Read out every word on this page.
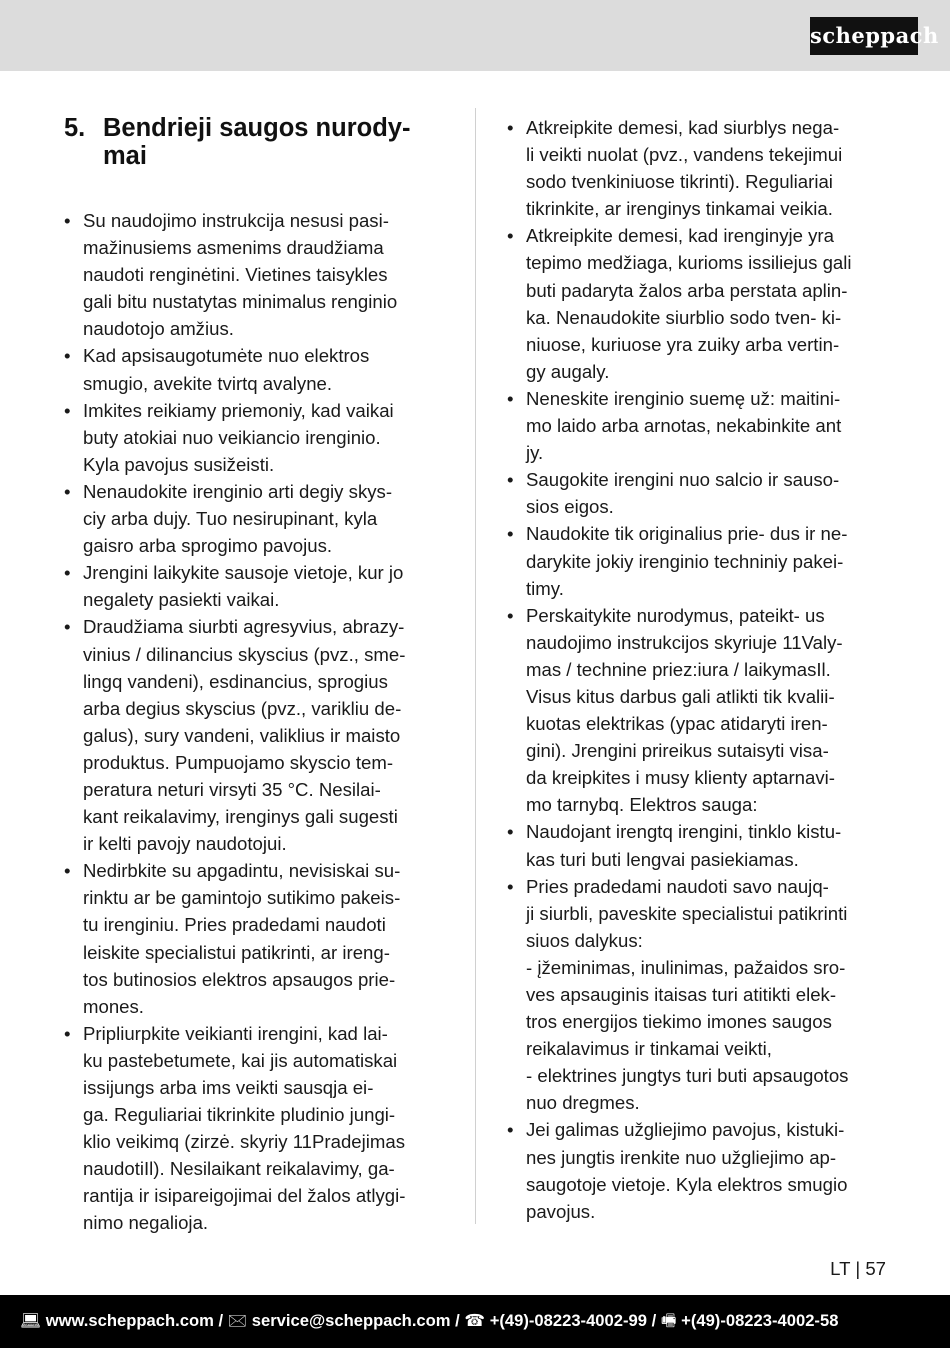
scheppach
5. Bendrieji saugos nurody-
mai
• Su naudojimo instrukcija nesusi pasi-
mažinusiems asmenims draudžiama
naudoti renginėtini. Vietines taisykles
gali bitu nustatytas minimalus renginio
naudotojo amžius.
• Kad apsisaugotumėte nuo elektros
smugio, avekite tvirtq avalyne.
• Imkites reikiamy priemoniy, kad vaikai
buty atokiai nuo veikiancio irenginio.
Kyla pavojus susižeisti.
• Nenaudokite irenginio arti degiy skys-
ciy arba dujy. Tuo nesirupinant, kyla
gaisro arba sprogimo pavojus.
• Jrengini laikykite sausoje vietoje, kur jo
negalety pasiekti vaikai.
• Draudžiama siurbti agresyvius, abrazy-
vinius / dilinancius skyscius (pvz., sme-
lingq vandeni), esdinancius, sprogius
arba degius skyscius (pvz., varikliu de-
galus), sury vandeni, valiklius ir maisto
produktus. Pumpuojamo skyscio tem-
peratura neturi virsyti 35 °C. Nesilai-
kant reikalavimy, irenginys gali sugesti
ir kelti pavojy naudotojui.
• Nedirbkite su apgadintu, nevisiskai su-
rinktu ar be gamintojo sutikimo pakeis-
tu irenginiu. Pries pradedami naudoti
leiskite specialistui patikrinti, ar ireng-
tos butinosios elektros apsaugos prie-
mones.
• Pripliurpkite veikianti irengini, kad lai-
ku pastebetumete, kai jis automatiskai
issijungs arba ims veikti sausqja ei-
ga. Reguliariai tikrinkite pludinio jungi-
klio veikimq (zirzė. skyriy 11Pradejimas
naudotiIl). Nesilaikant reikalavimy, ga-
rantija ir isipareigojimai del žalos atlygi-
nimo negalioja.
• Atkreipkite demesi, kad siurblys nega-
li veikti nuolat (pvz., vandens tekejimui
sodo tvenkiniuose tikrinti). Reguliariai
tikrinkite, ar irenginys tinkamai veikia.
• Atkreipkite demesi, kad irenginyje yra
tepimo medžiaga, kurioms issiliejus gali
buti padaryta žalos arba perstata aplin-
ka. Nenaudokite siurblio sodo tven- ki-
niuose, kuriuose yra zuiky arba vertin-
gy augaly.
• Neneskite irenginio suemę už: maitini-
mo laido arba arnotas, nekabinkite ant
jy.
• Saugokite irengini nuo salcio ir sauso-
sios eigos.
• Naudokite tik originalius prie- dus ir ne-
darykite jokiy irenginio techniniy pakei-
timy.
• Perskaitykite nurodymus, pateikt- us
naudojimo instrukcijos skyriuje 11Valy-
mas / technine priez:iura / laikymasIl.
Visus kitus darbus gali atlikti tik kvalii-
kuotas elektrikas (ypac atidaryti iren-
gini). Jrengini prireikus sutaisyti visa-
da kreipkites i musy klienty aptarnavi-
mo tarnybq. Elektros sauga:
• Naudojant irengtq irengini, tinklo kistu-
kas turi buti lengvai pasiekiamas.
• Pries pradedami naudoti savo naujq-
ji siurbli, paveskite specialistui patikrinti
siuos dalykus:
- įžeminimas, inulinimas, pažaidos sro-
ves apsauginis itaisas turi atitikti elek-
tros energijos tiekimo imones saugos
reikalavimus ir tinkamai veikti,
- elektrines jungtys turi buti apsaugotos
nuo dregmes.
• Jei galimas užgliejimo pavojus, kistuki-
nes jungtis irenkite nuo užgliejimo ap-
saugotoje vietoje. Kyla elektros smugio
pavojus.
LT | 57
💻︎ www.scheppach.com / 🖂 service@scheppach.com / ☎ +(49)-08223-4002-99 / 🖷 +(49)-08223-4002-58
